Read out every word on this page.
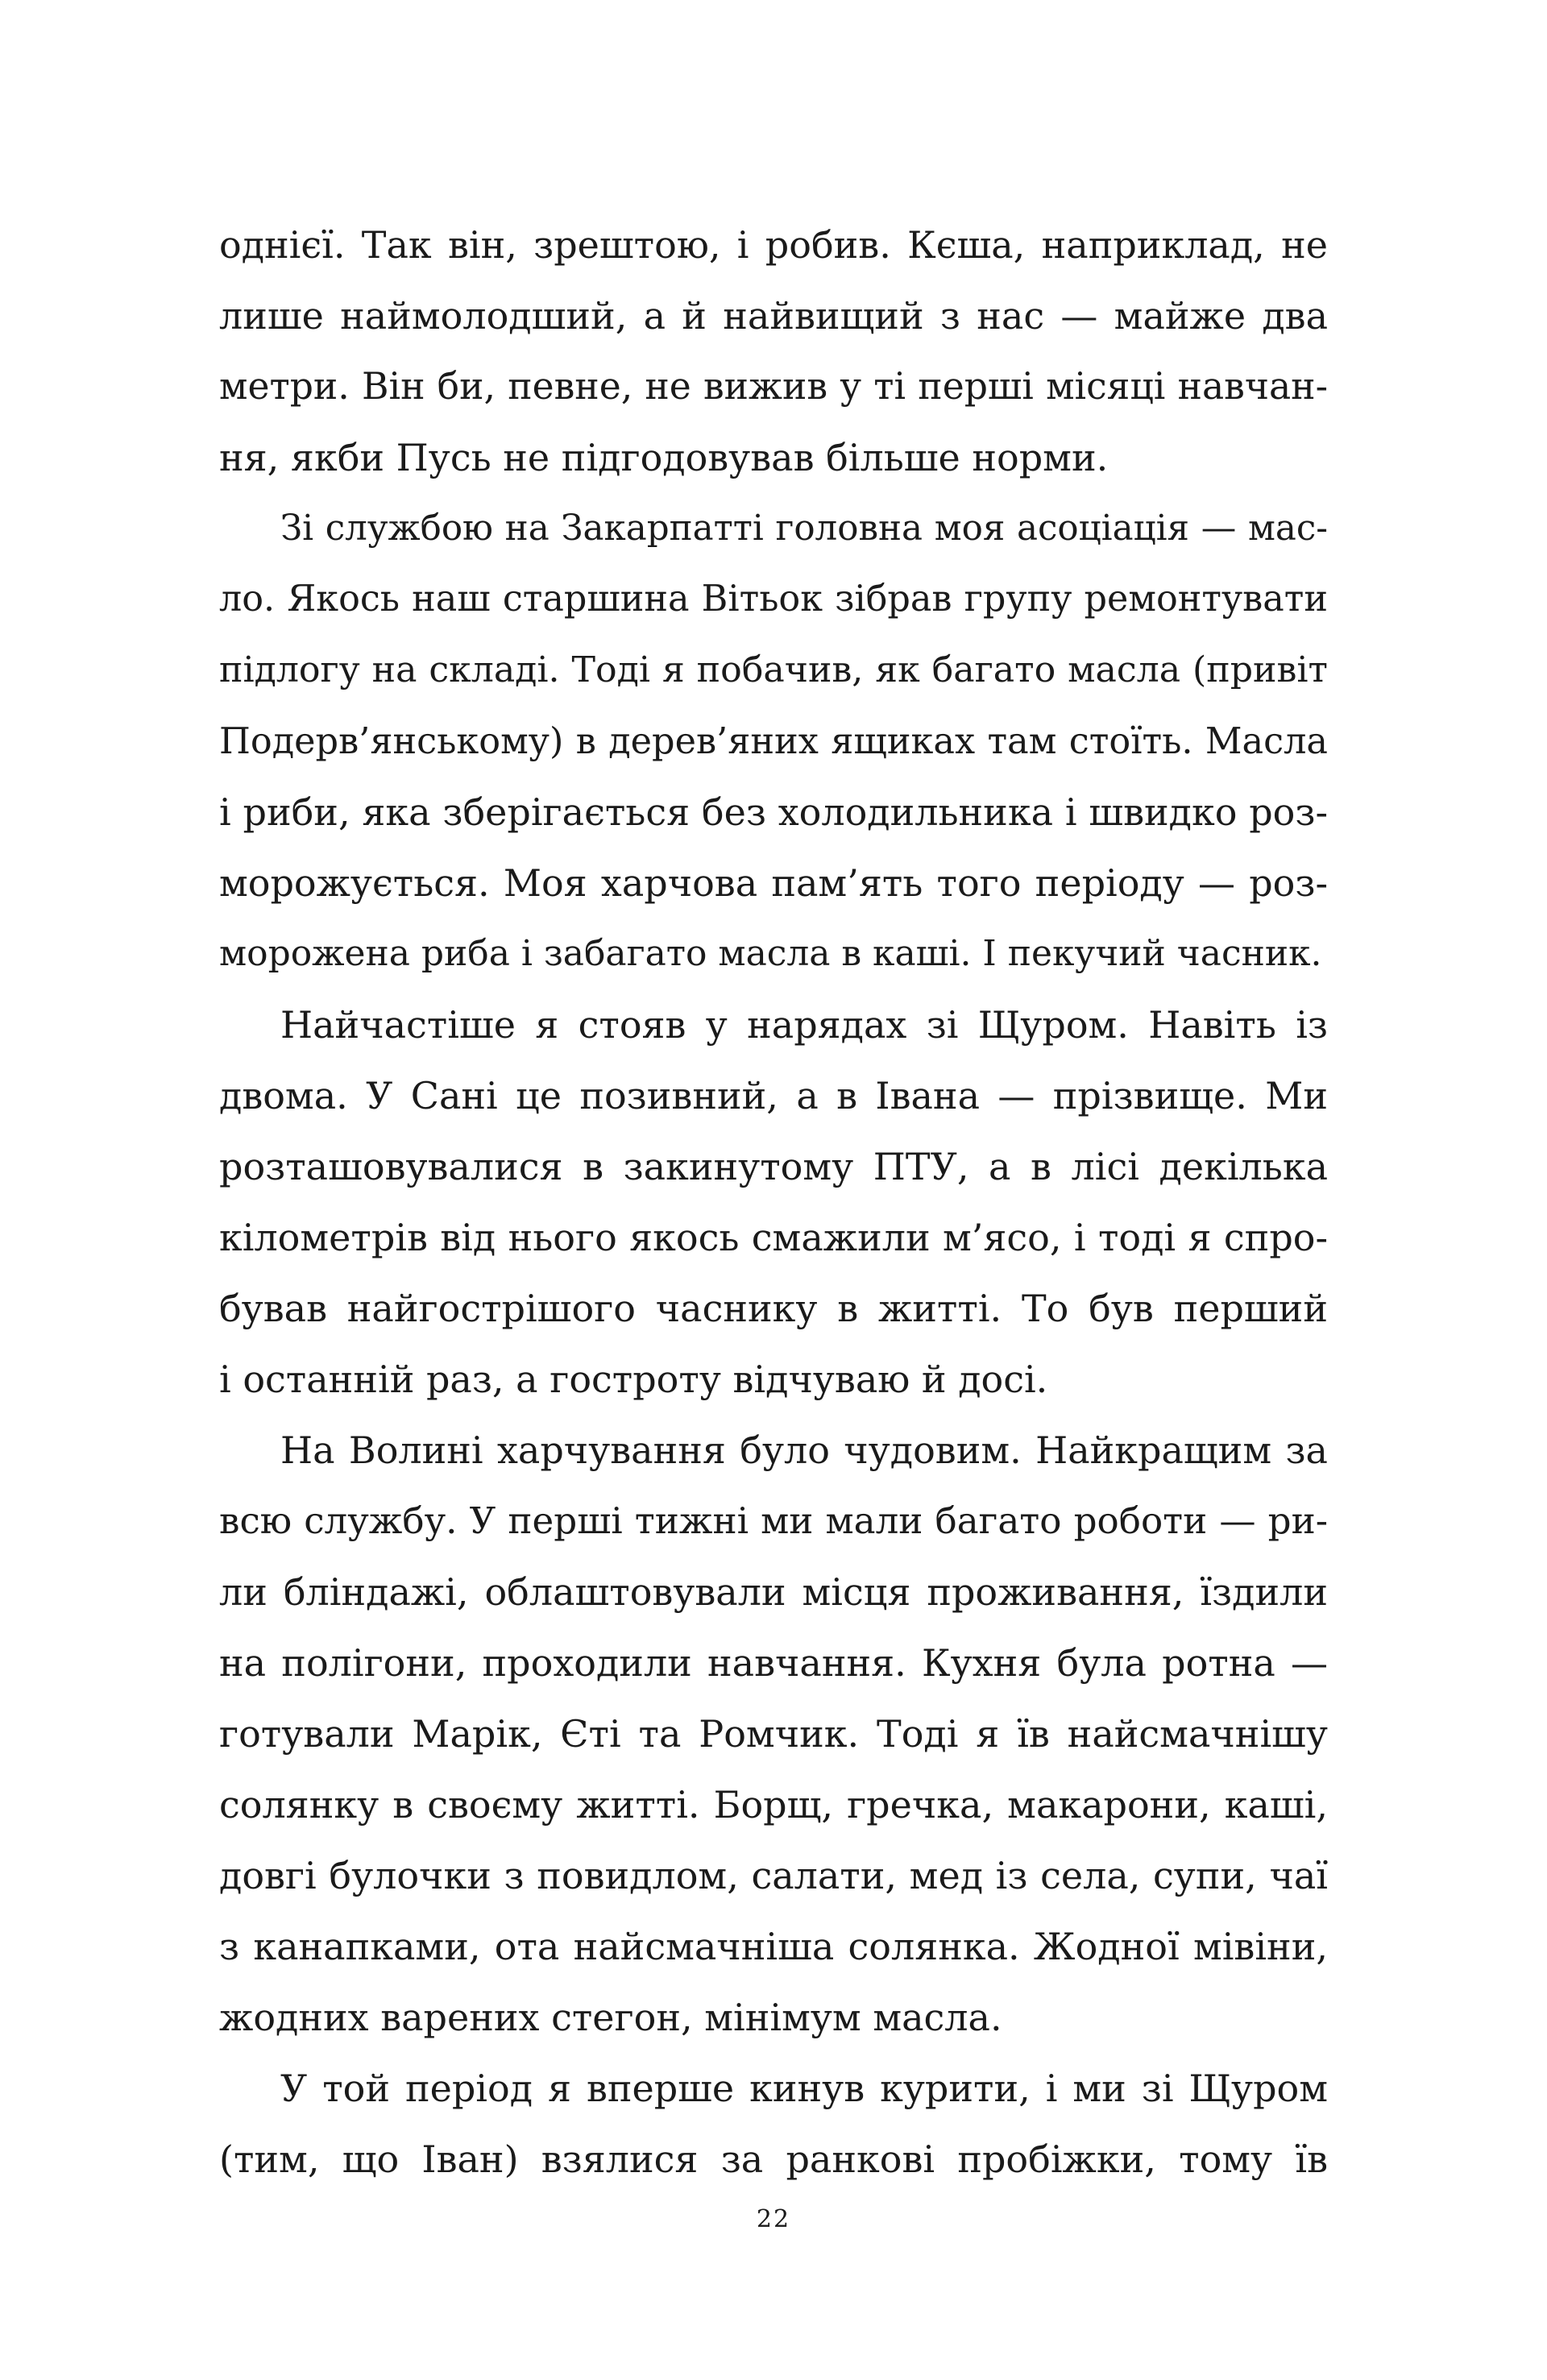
однієї. Так він, зрештою, і робив. Кєша, наприклад, не
лише наймолодший, а й найвищий з нас — майже два
метри. Він би, певне, не вижив у ті перші місяці навчан-
ня, якби Пусь не підгодовував більше норми.
Зі службою на Закарпатті головна моя асоціація — мас-
ло. Якось наш старшина Вітьок зібрав групу ремонтувати
підлогу на складі. Тоді я побачив, як багато масла (привіт
Подерв’янському) в дерев’яних ящиках там стоїть. Масла
і риби, яка зберігається без холодильника і швидко роз-
морожується. Моя харчова пам’ять того періоду — роз-
морожена риба і забагато масла в каші. І пекучий часник.
Найчастіше я стояв у нарядах зі Щуром. Навіть із
двома. У Сані це позивний, а в Івана — прізвище. Ми
розташовувалися в закинутому ПТУ, а в лісі декілька
кілометрів від нього якось смажили м’ясо, і тоді я спро-
бував найгострішого часнику в житті. То був перший
і останній раз, а гостроту відчуваю й досі.
На Волині харчування було чудовим. Найкращим за
всю службу. У перші тижні ми мали багато роботи — ри-
ли бліндажі, облаштовували місця проживання, їздили
на полігони, проходили навчання. Кухня була ротна —
готували Марік, Єті та Ромчик. Тоді я їв найсмачнішу
солянку в своєму житті. Борщ, гречка, макарони, каші,
довгі булочки з повидлом, салати, мед із села, супи, чаї
з канапками, ота найсмачніша солянка. Жодної мівіни,
жодних варених стегон, мінімум масла.
У той період я вперше кинув курити, і ми зі Щуром
(тим, що Іван) взялися за ранкові пробіжки, тому їв
22
